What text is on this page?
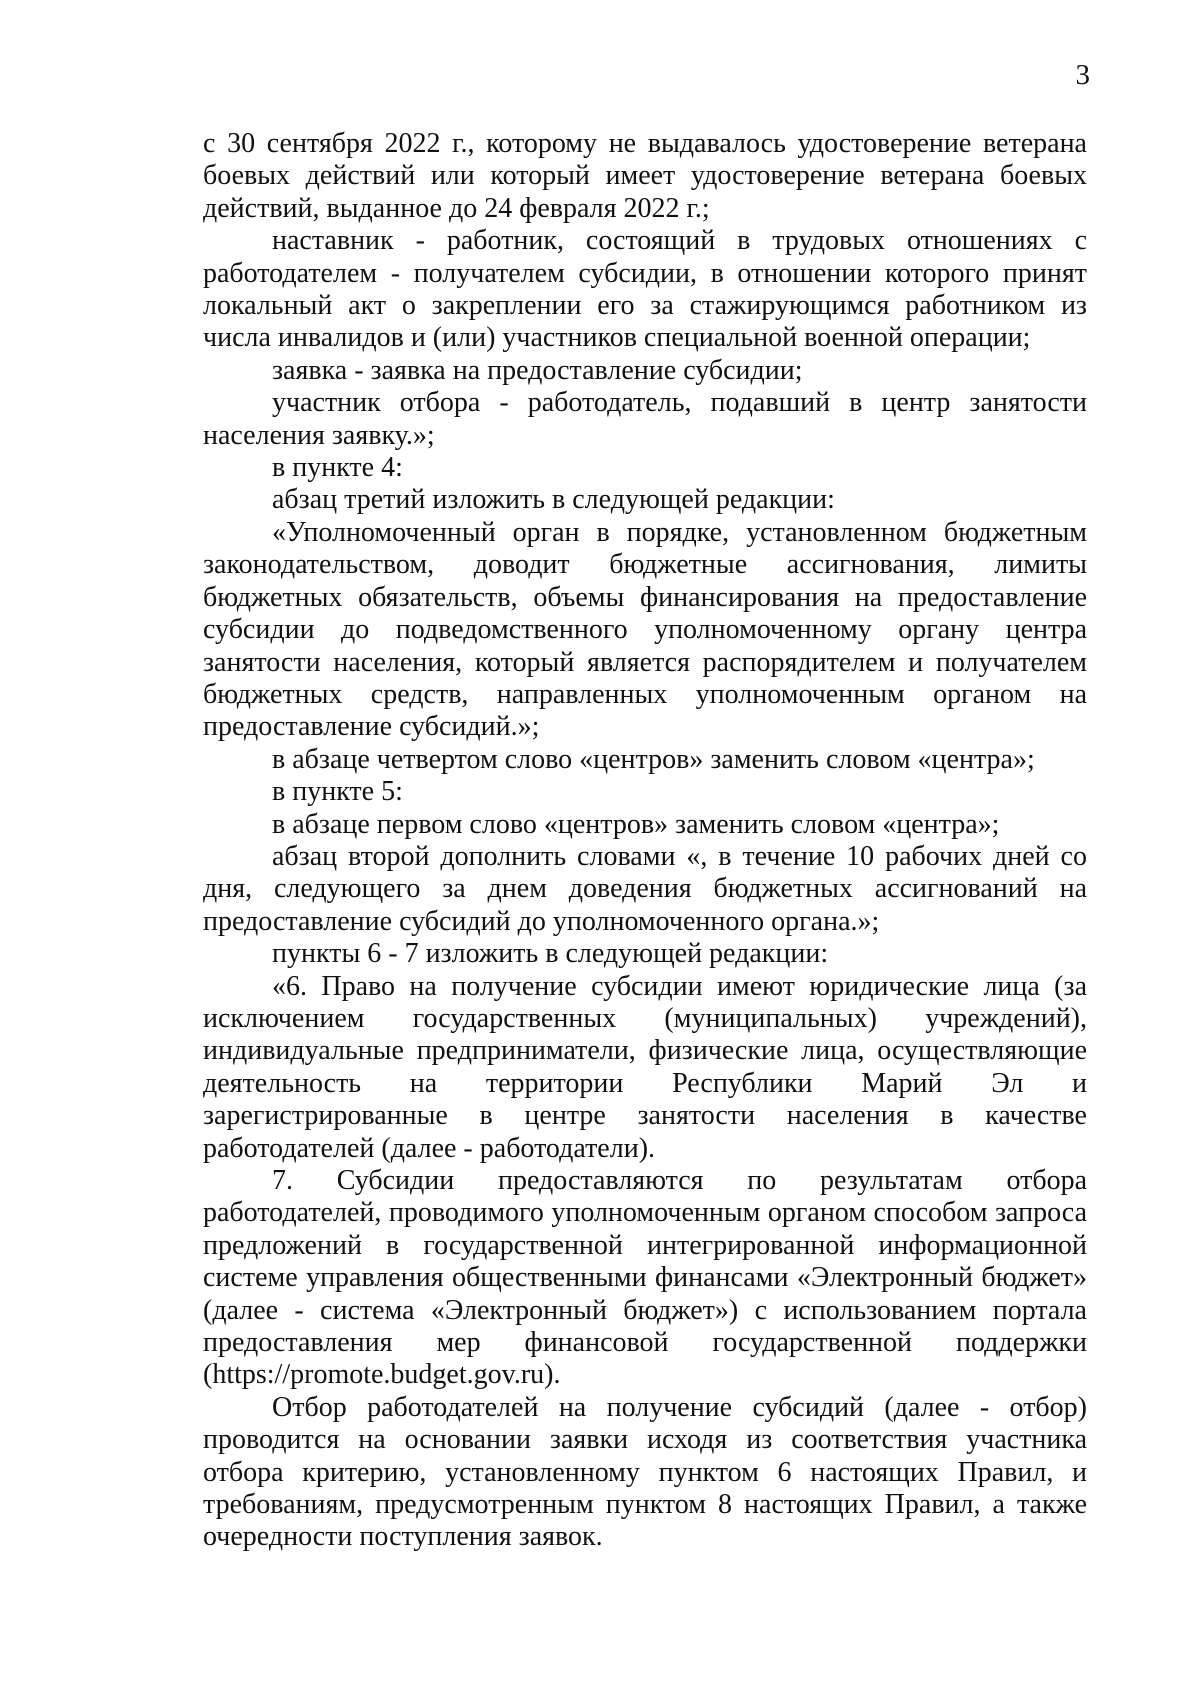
3

с 30 сентября 2022 г., которому не выдавалось удостоверение ветерана боевых действий или который имеет удостоверение ветерана боевых действий, выданное до 24 февраля 2022 г.;

наставник - работник, состоящий в трудовых отношениях с работодателем - получателем субсидии, в отношении которого принят локальный акт о закреплении его за стажирующимся работником из числа инвалидов и (или) участников специальной военной операции;

заявка - заявка на предоставление субсидии;

участник отбора - работодатель, подавший в центр занятости населения заявку.»;

в пункте 4:

абзац третий изложить в следующей редакции:

«Уполномоченный орган в порядке, установленном бюджетным законодательством, доводит бюджетные ассигнования, лимиты бюджетных обязательств, объемы финансирования на предоставление субсидии до подведомственного уполномоченному органу центра занятости населения, который является распорядителем и получателем бюджетных средств, направленных уполномоченным органом на предоставление субсидий.»;

в абзаце четвертом слово «центров» заменить словом «центра»;

в пункте 5:

в абзаце первом слово «центров» заменить словом «центра»;

абзац второй дополнить словами «, в течение 10 рабочих дней со дня, следующего за днем доведения бюджетных ассигнований на предоставление субсидий до уполномоченного органа.»;

пункты 6 - 7 изложить в следующей редакции:

«6. Право на получение субсидии имеют юридические лица (за исключением государственных (муниципальных) учреждений), индивидуальные предприниматели, физические лица, осуществляющие деятельность на территории Республики Марий Эл и зарегистрированные в центре занятости населения в качестве работодателей (далее - работодатели).

7. Субсидии предоставляются по результатам отбора работодателей, проводимого уполномоченным органом способом запроса предложений в государственной интегрированной информационной системе управления общественными финансами «Электронный бюджет» (далее - система «Электронный бюджет») с использованием портала предоставления мер финансовой государственной поддержки (https://promote.budget.gov.ru).

Отбор работодателей на получение субсидий (далее - отбор) проводится на основании заявки исходя из соответствия участника отбора критерию, установленному пунктом 6 настоящих Правил, и требованиям, предусмотренным пунктом 8 настоящих Правил, а также очередности поступления заявок.
